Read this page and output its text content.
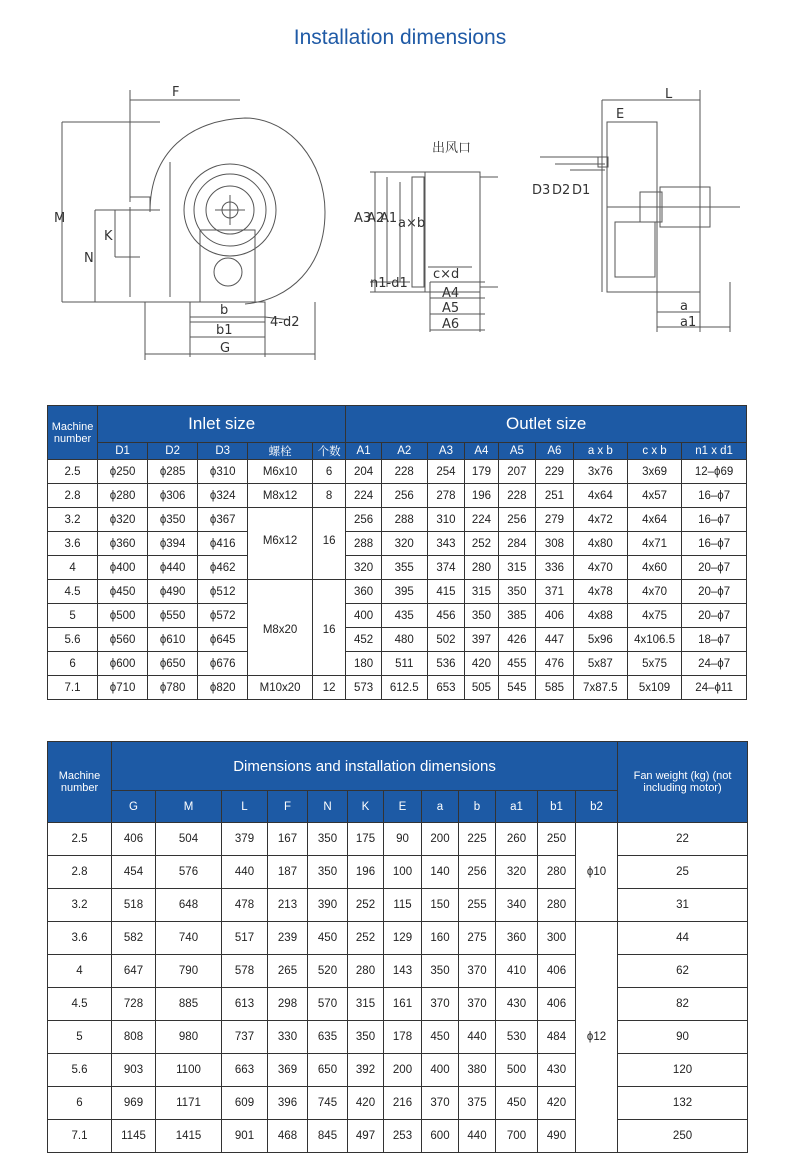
Installation dimensions
F
M
K
N
b
b1
G
4-d2
出风口
A3
A2
A1 a×b
c×d
n1-d1
A4
A5
A6
L
E
D3 D2 D1
a
a1
Machine number	Inlet size					Outlet size								
	D1	D2	D3	螺栓	个数	A1	A2	A3	A4	A5	A6	a x b	c x b	n1 x d1
2.5	ϕ250	ϕ285	ϕ310	M6x10	6	204	228	254	179	207	229	3x76	3x69	12–ϕ69
2.8	ϕ280	ϕ306	ϕ324	M8x12	8	224	256	278	196	228	251	4x64	4x57	16–ϕ7
3.2	ϕ320	ϕ350	ϕ367			256	288	310	224	256	279	4x72	4x64	16–ϕ7
3.6	ϕ360	ϕ394	ϕ416	M6x12	16	288	320	343	252	284	308	4x80	4x71	16–ϕ7
4	ϕ400	ϕ440	ϕ462			320	355	374	280	315	336	4x70	4x60	20–ϕ7
4.5	ϕ450	ϕ490	ϕ512	M8x20	16	360	395	415	315	350	371	4x78	4x70	20–ϕ7
5	ϕ500	ϕ550	ϕ572			400	435	456	350	385	406	4x88	4x75	20–ϕ7
5.6	ϕ560	ϕ610	ϕ645			452	480	502	397	426	447	5x96	4x106.5	18–ϕ7
6	ϕ600	ϕ650	ϕ676			180	511	536	420	455	476	5x87	5x75	24–ϕ7
7.1	ϕ710	ϕ780	ϕ820	M10x20	12	573	612.5	653	505	545	585	7x87.5	5x109	24–ϕ11
Machine number	Dimensions and installation dimensions												Fan weight (kg) (not including motor)
	G	M	L	F	N	K	E	a	b	a1	b1	b2	
2.5	406	504	379	167	350	175	90	200	225	260	250	ϕ10	22
2.8	454	576	440	187	350	196	100	140	256	320	280		25
3.2	518	648	478	213	390	252	115	150	255	340	280		31
3.6	582	740	517	239	450	252	129	160	275	360	300	ϕ12	44
4	647	790	578	265	520	280	143	350	370	410	406		62
4.5	728	885	613	298	570	315	161	370	370	430	406		82
5	808	980	737	330	635	350	178	450	440	530	484		90
5.6	903	1100	663	369	650	392	200	400	380	500	430		120
6	969	1171	609	396	745	420	216	370	375	450	420		132
7.1	1145	1415	901	468	845	497	253	600	440	700	490		250
